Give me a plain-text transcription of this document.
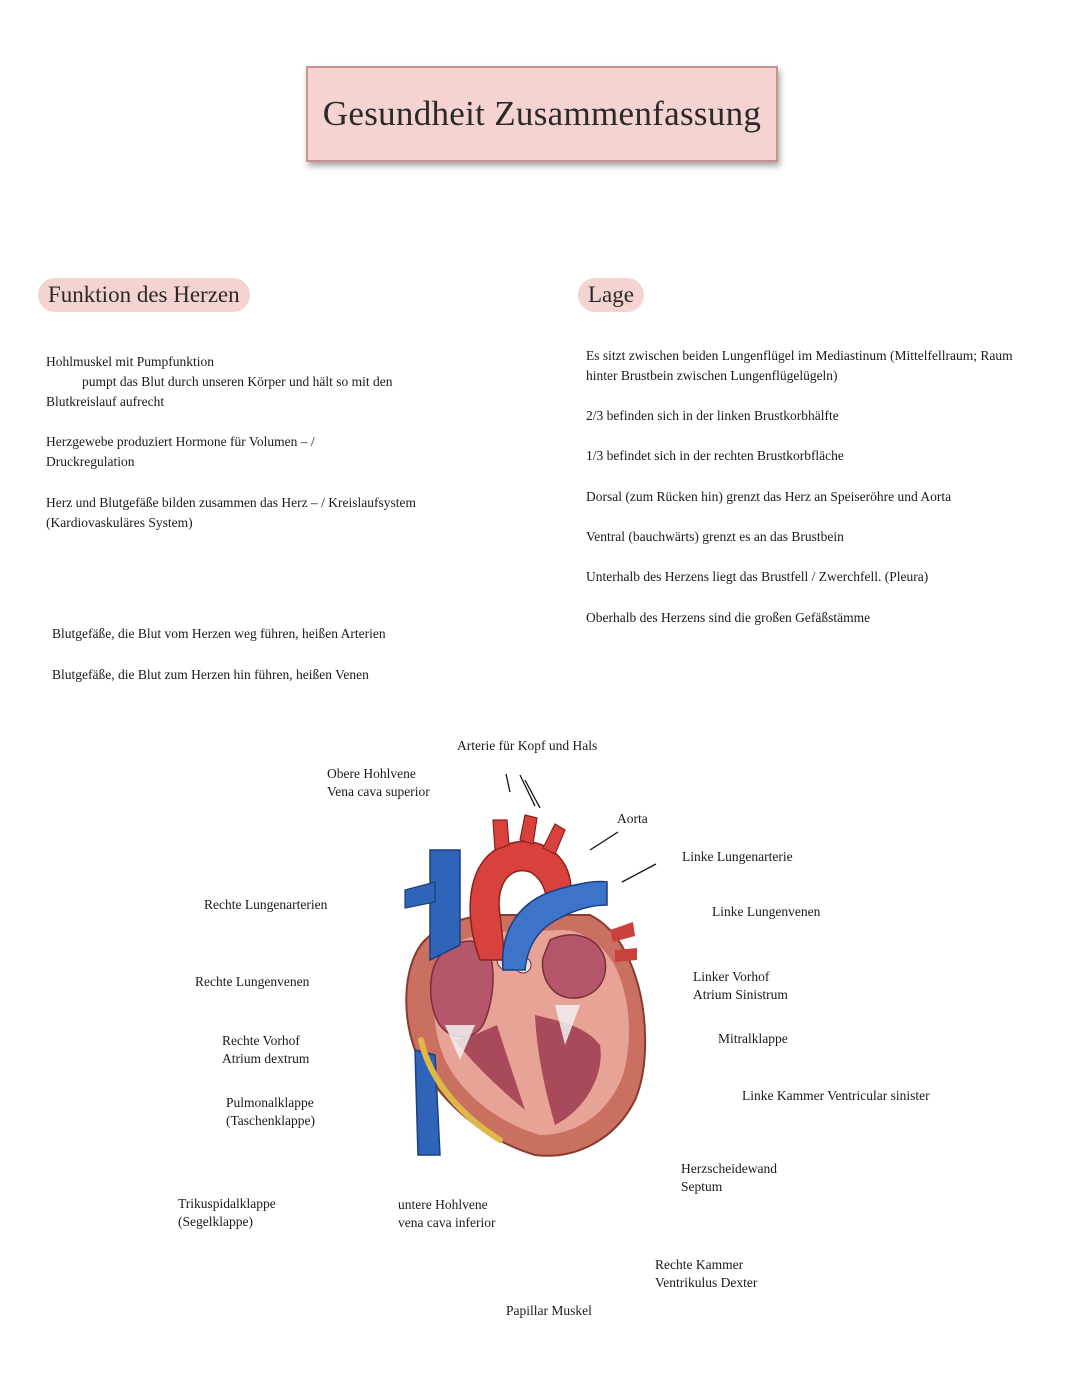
Gesundheit Zusammenfassung
Funktion des Herzen	Lage
Hohlmuskel mit Pumpfunktion
pumpt das Blut durch unseren Körper und hält so mit den
Blutkreislauf aufrecht

Herzgewebe produziert Hormone für Volumen – / Druckregulation

Herz und Blutgefäße bilden zusammen das Herz – / Kreislaufsystem (Kardiovaskuläres System)

Blutgefäße, die Blut vom Herzen weg führen, heißen Arterien

Blutgefäße, die Blut zum Herzen hin führen, heißen Venen

Es sitzt zwischen beiden Lungenflügel im Mediastinum (Mittelfellraum; Raum hinter Brustbein zwischen Lungenflügelügeln)

2/3 befinden sich in der linken Brustkorbhälfte

1/3 befindet sich in der rechten Brustkorbfläche

Dorsal (zum Rücken hin) grenzt das Herz an Speiseröhre und Aorta

Ventral (bauchwärts) grenzt es an das Brustbein

Unterhalb des Herzens liegt das Brustfell / Zwerchfell. (Pleura)

Oberhalb des Herzens sind die großen Gefäßstämme

Arterie für Kopf und Hals
Obere Hohlvene
Vena cava superior
Aorta
Linke Lungenarterie
Rechte Lungenarterien	Linke Lungenvenen
Rechte Lungenvenen	Linker Vorhof
Atrium Sinistrum
Rechte Vorhof
Atrium dextrum
Mitralklappe
Pulmonalklappe
(Taschenklappe)
Linke Kammer Ventricular sinister
Herzscheidewand
Septum
Trikuspidalklappe
(Segelklappe)
untere Hohlvene
vena cava inferior
Rechte Kammer
Ventrikulus Dexter
Papillar Muskel
